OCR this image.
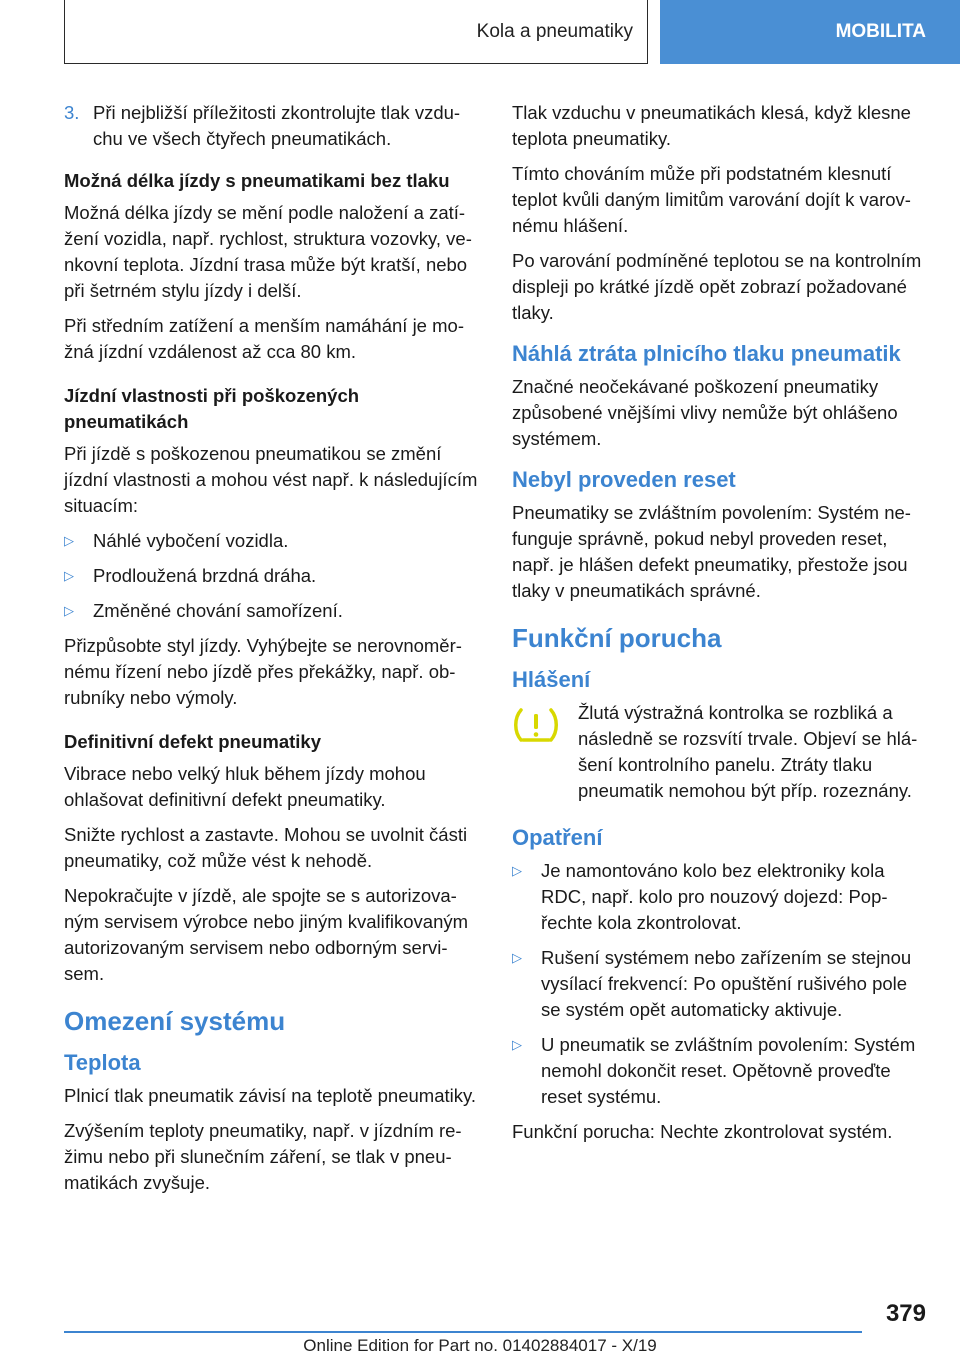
Kola a pneumatiky	MOBILITA
3. Při nejbližší příležitosti zkontrolujte tlak vzduchu ve všech čtyřech pneumatikách.
Možná délka jízdy s pneumatikami bez tlaku

Možná délka jízdy se mění podle naložení a zatížení vozidla, např. rychlost, struktura vozovky, venkovní teplota. Jízdní trasa může být kratší, nebo při šetrném stylu jízdy i delší.

Při středním zatížení a menším namáhání je možná jízdní vzdálenost až cca 80 km.

Jízdní vlastnosti při poškozených pneumatikách

Při jízdě s poškozenou pneumatikou se změní jízdní vlastnosti a mohou vést např. k následujícím situacím:

▷	Náhlé vybočení vozidla.
▷	Prodloužená brzdná dráha.
▷	Změněné chování samořízení.

Přizpůsobte styl jízdy. Vyhýbejte se nerovnoměrnému řízení nebo jízdě přes překážky, např. obrubníky nebo výmoly.

Definitivní defekt pneumatiky

Vibrace nebo velký hluk během jízdy mohou ohlašovat definitivní defekt pneumatiky.

Snižte rychlost a zastavte. Mohou se uvolnit části pneumatiky, což může vést k nehodě.

Nepokračujte v jízdě, ale spojte se s autorizovaným servisem výrobce nebo jiným kvalifikovaným autorizovaným servisem nebo odborným servisem.

Omezení systému
Teplota

Plnicí tlak pneumatik závisí na teplotě pneumatiky.

Zvýšením teploty pneumatiky, např. v jízdním režimu nebo při slunečním záření, se tlak v pneumatikách zvyšuje.

Tlak vzduchu v pneumatikách klesá, když klesne teplota pneumatiky.

Tímto chováním může při podstatném klesnutí teplot kvůli daným limitům varování dojít k varovnému hlášení.

Po varování podmíněné teplotou se na kontrolním displeji po krátké jízdě opět zobrazí požadované tlaky.

Náhlá ztráta plnicího tlaku pneumatik

Značné neočekávané poškození pneumatiky způsobené vnějšími vlivy nemůže být ohlášeno systémem.

Nebyl proveden reset

Pneumatiky se zvláštním povolením: Systém nefunguje správně, pokud nebyl proveden reset, např. je hlášen defekt pneumatiky, přestože jsou tlaky v pneumatikách správné.

Funkční porucha
Hlášení

Žlutá výstražná kontrolka se rozbliká a následně se rozsvítí trvale. Objeví se hlášení kontrolního panelu. Ztráty tlaku pneumatik nemohou být příp. rozeznány.

Opatření
▷	Je namontováno kolo bez elektroniky kola RDC, např. kolo pro nouzový dojezd: Popřechte kola zkontrolovat.
▷	Rušení systémem nebo zařízením se stejnou vysílací frekvencí: Po opuštění rušivého pole se systém opět automaticky aktivuje.
▷	U pneumatik se zvláštním povolením: Systém nemohl dokončit reset. Opětovně proveďte reset systému.

Funkční porucha: Nechte zkontrolovat systém.

379
Online Edition for Part no. 01402884017 - X/19
